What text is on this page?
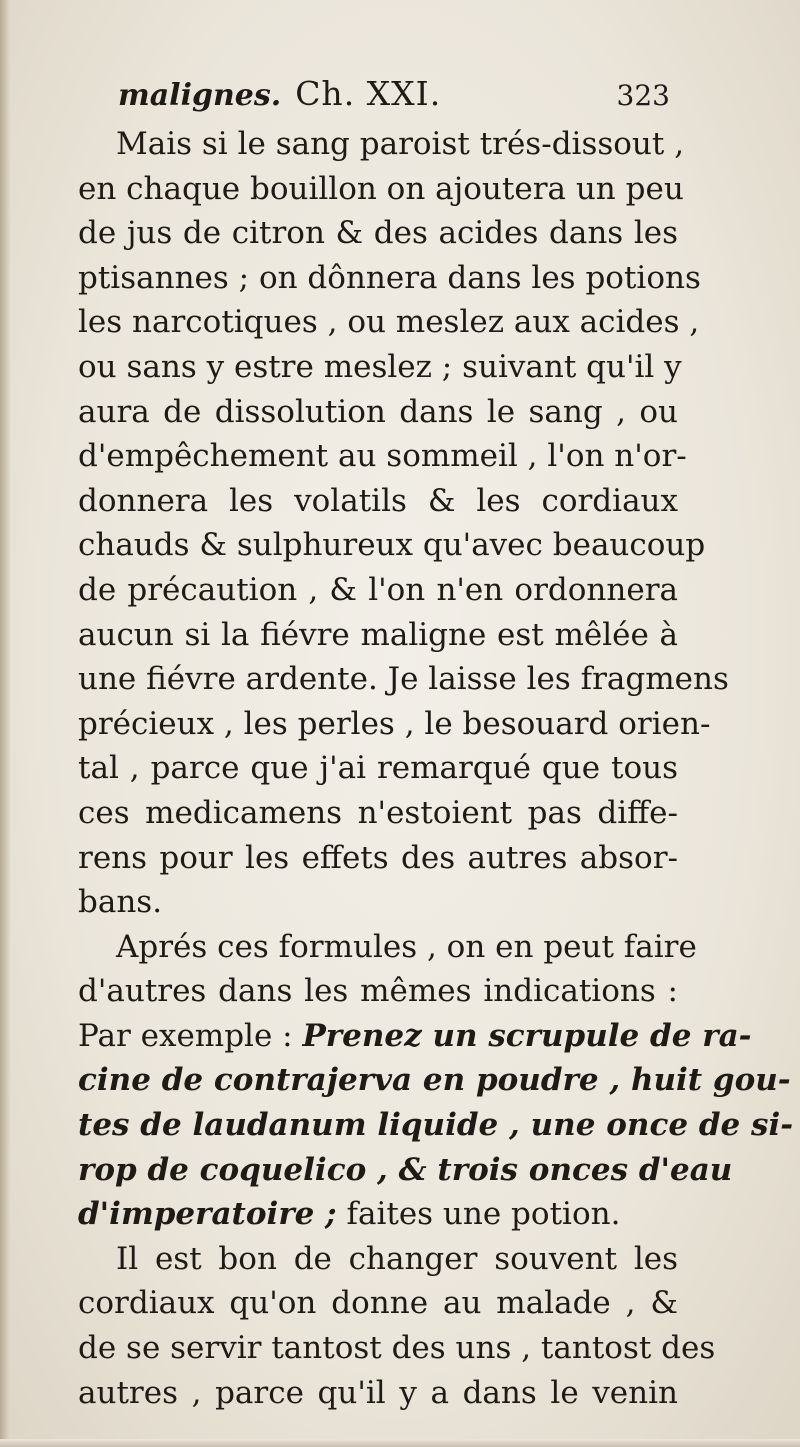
malignes. Ch. XXI.	323
Mais si le sang paroist trés-dissout ,
en chaque bouillon on ajoutera un peu
de jus de citron & des acides dans les
ptisannes ; on dônnera dans les potions
les narcotiques , ou meslez aux acides ,
ou sans y estre meslez ; suivant qu'il y
aura de dissolution dans le sang , ou
d'empêchement au sommeil , l'on n'or-
donnera les volatils & les cordiaux
chauds & sulphureux qu'avec beaucoup
de précaution , & l'on n'en ordonnera
aucun si la fiévre maligne est mêlée à
une fiévre ardente. Je laisse les fragmens
précieux , les perles , le besouard orien-
tal , parce que j'ai remarqué que tous
ces medicamens n'estoient pas diffe-
rens pour les effets des autres absor-
bans.
Aprés ces formules , on en peut faire
d'autres dans les mêmes indications :
Par exemple : Prenez un scrupule de ra-
cine de contrajerva en poudre , huit gou-
tes de laudanum liquide , une once de si-
rop de coquelico , & trois onces d'eau
d'imperatoire ; faites une potion.
Il est bon de changer souvent les
cordiaux qu'on donne au malade , &
de se servir tantost des uns , tantost des
autres , parce qu'il y a dans le venin
